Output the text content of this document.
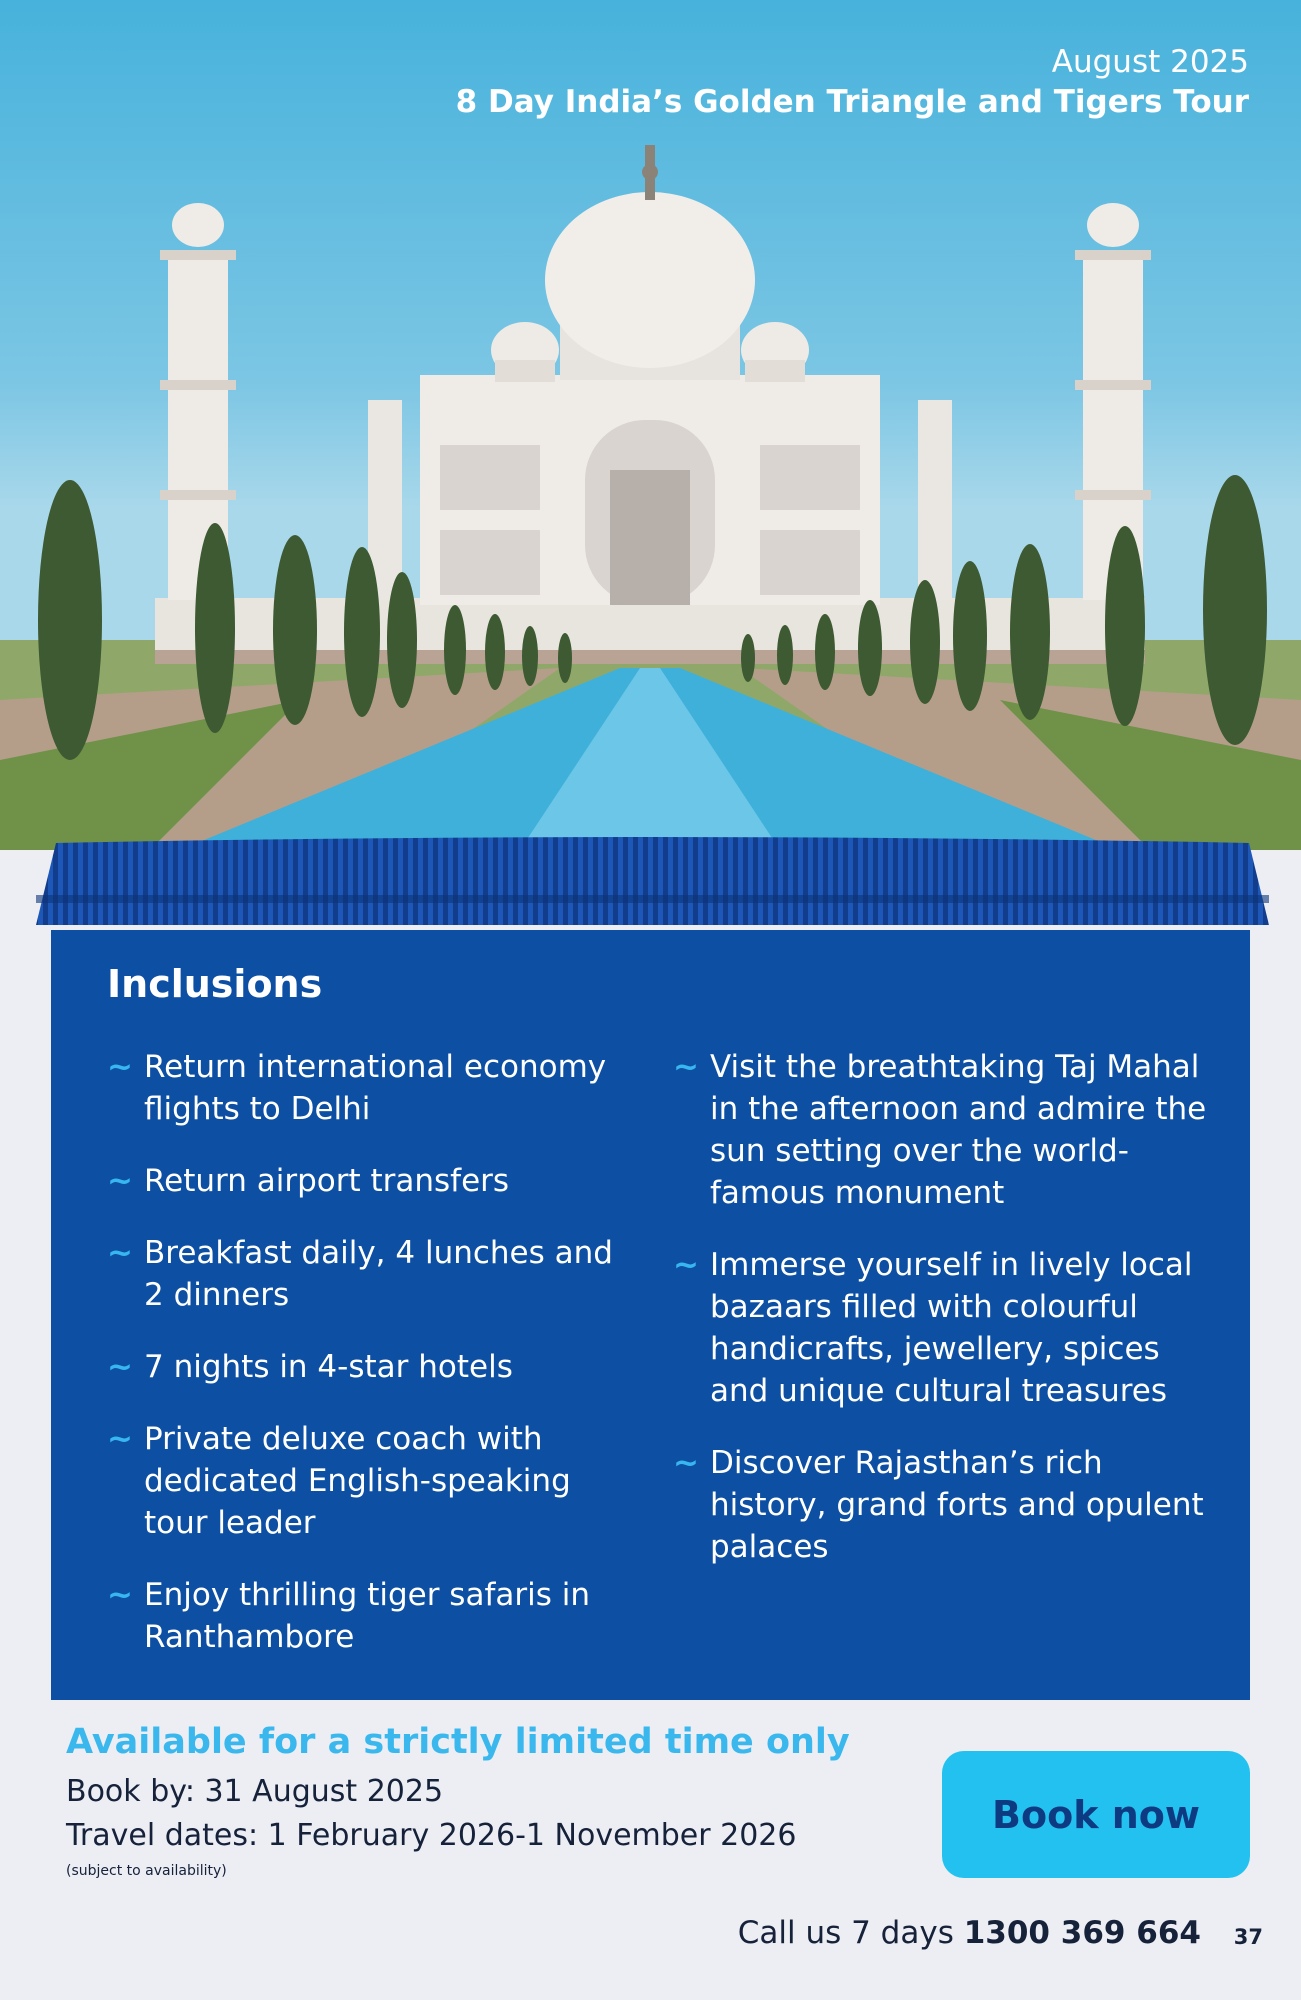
August 2025
8 Day India’s Golden Triangle and Tigers Tour
Inclusions
~ Return international economy flights to Delhi
~ Return airport transfers
~ Breakfast daily, 4 lunches and 2 dinners
~ 7 nights in 4-star hotels
~ Private deluxe coach with dedicated English-speaking tour leader
~ Enjoy thrilling tiger safaris in Ranthambore
~ Visit the breathtaking Taj Mahal in the afternoon and admire the sun setting over the world-famous monument
~ Immerse yourself in lively local bazaars filled with colourful handicrafts, jewellery, spices and unique cultural treasures
~ Discover Rajasthan’s rich history, grand forts and opulent palaces
Available for a strictly limited time only
Book by: 31 August 2025
Travel dates: 1 February 2026-1 November 2026
(subject to availability)
Book now
Call us 7 days 1300 369 664 37
